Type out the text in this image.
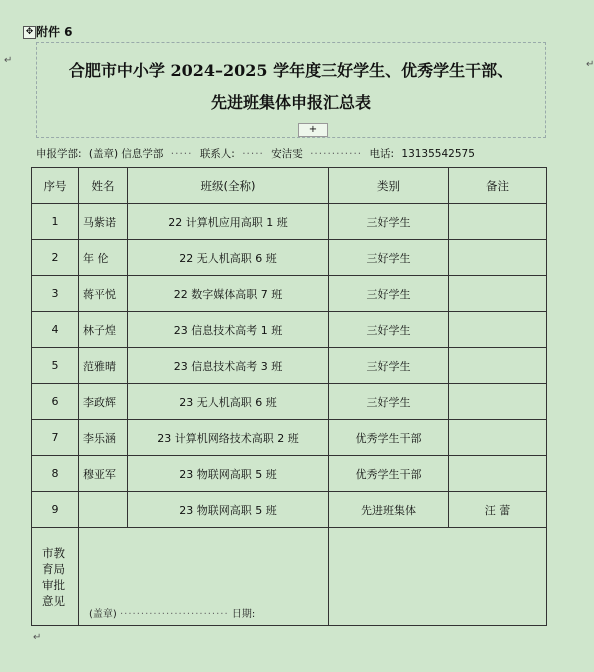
✥ 附件 6
↵
合肥市中小学 2024–2025 学年度三好学生、优秀学生干部、
先进班集体申报汇总表
+
申报学部: (盖章) 信息学部 ····· 联系人: ····· 安洁雯 ············ 电话: 13135542575
序号	姓名	班级(全称)	类别	备注
1	马紫诺	22 计算机应用高职 1 班	三好学生	
2	年 伦	22 无人机高职 6 班	三好学生	
3	蒋平悦	22 数字媒体高职 7 班	三好学生	
4	林子煌	23 信息技术高考 1 班	三好学生	
5	范雅晴	23 信息技术高考 3 班	三好学生	
6	李政辉	23 无人机高职 6 班	三好学生	
7	李乐涵	23 计算机网络技术高职 2 班	优秀学生干部	
8	穆亚军	23 物联网高职 5 班	优秀学生干部	
9		23 物联网高职 5 班	先进班集体	汪 蕾

市教
育局
审批
意见	(盖章) ·························· 日期:			

↵
↵
